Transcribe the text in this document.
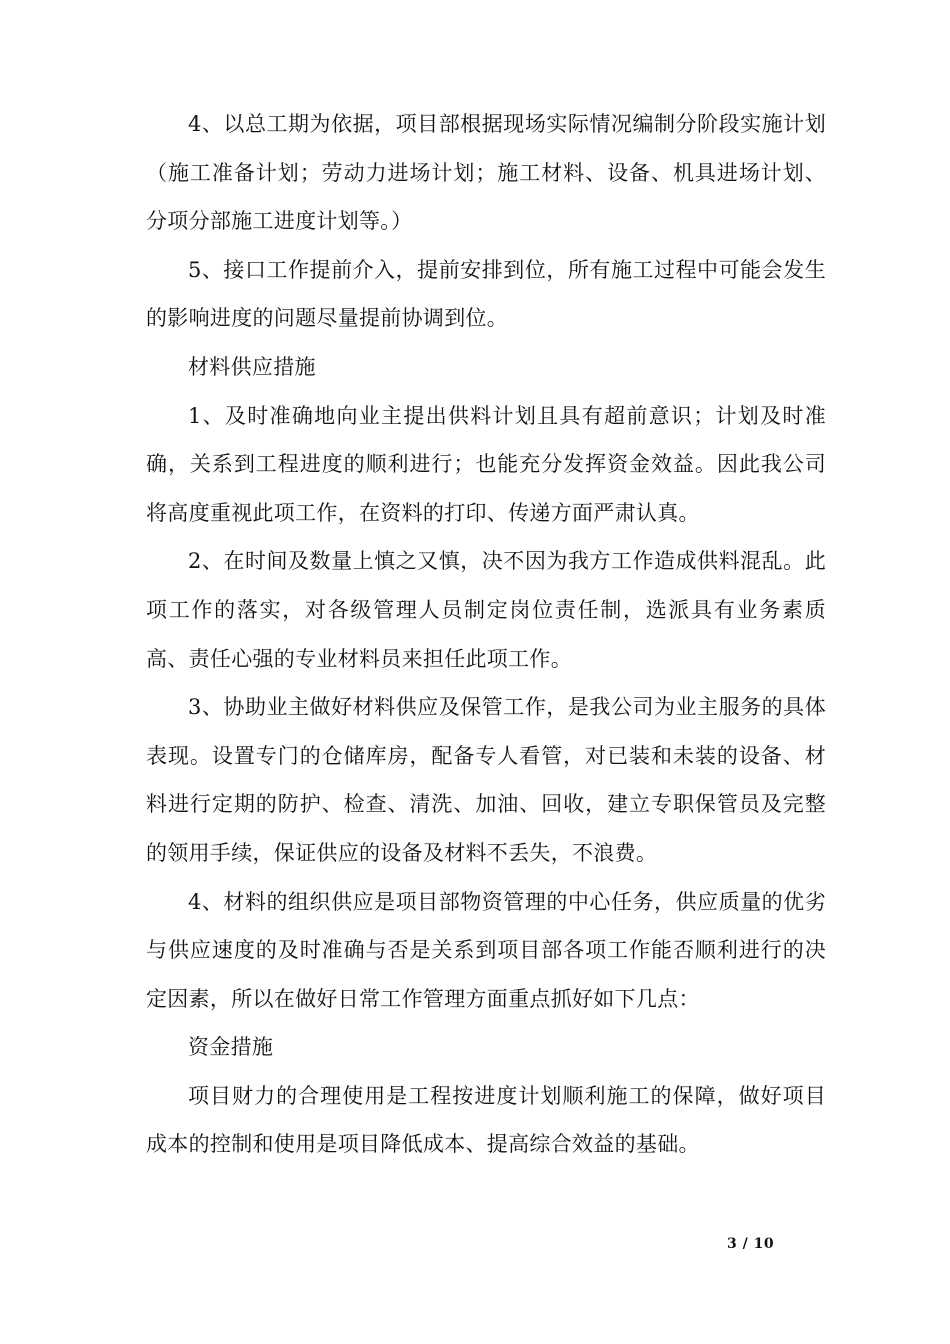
4、以总工期为依据，项目部根据现场实际情况编制分阶段实施计划（施工准备计划；劳动力进场计划；施工材料、设备、机具进场计划、分项分部施工进度计划等。）

5、接口工作提前介入，提前安排到位，所有施工过程中可能会发生的影响进度的问题尽量提前协调到位。

材料供应措施

1、及时准确地向业主提出供料计划且具有超前意识；计划及时准确，关系到工程进度的顺利进行；也能充分发挥资金效益。因此我公司将高度重视此项工作，在资料的打印、传递方面严肃认真。

2、在时间及数量上慎之又慎，决不因为我方工作造成供料混乱。此项工作的落实，对各级管理人员制定岗位责任制，选派具有业务素质高、责任心强的专业材料员来担任此项工作。

3、协助业主做好材料供应及保管工作，是我公司为业主服务的具体表现。设置专门的仓储库房，配备专人看管，对已装和未装的设备、材料进行定期的防护、检查、清洗、加油、回收，建立专职保管员及完整的领用手续，保证供应的设备及材料不丢失，不浪费。

4、材料的组织供应是项目部物资管理的中心任务，供应质量的优劣与供应速度的及时准确与否是关系到项目部各项工作能否顺利进行的决定因素，所以在做好日常工作管理方面重点抓好如下几点：

资金措施

项目财力的合理使用是工程按进度计划顺利施工的保障，做好项目成本的控制和使用是项目降低成本、提高综合效益的基础。

3 / 10
